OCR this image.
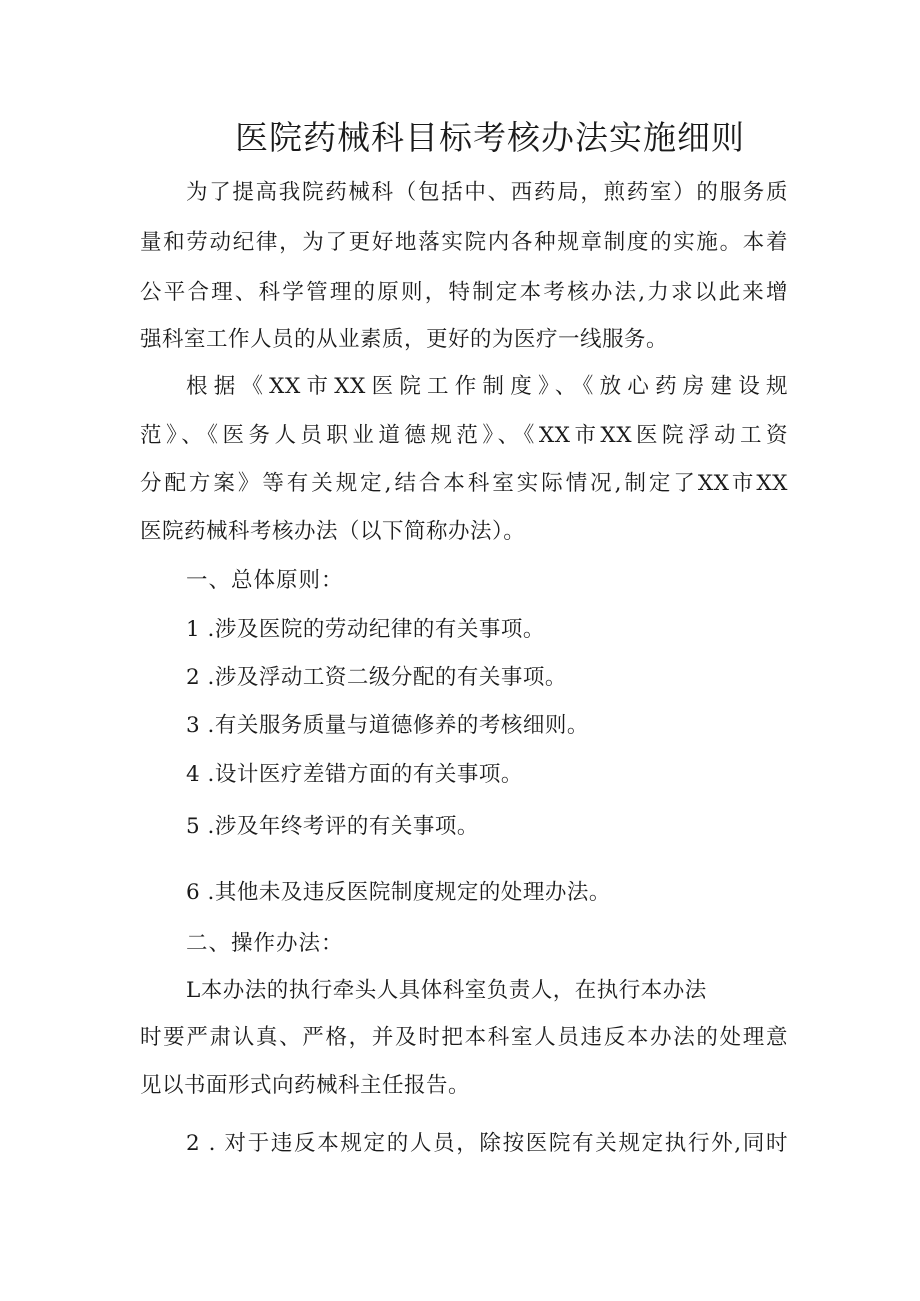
医院药械科目标考核办法实施细则
为了提高我院药械科（包括中、西药局，煎药室）的服务质
量和劳动纪律，为了更好地落实院内各种规章制度的实施。本着
公平合理、科学管理的原则，特制定本考核办法,力求以此来增
强科室工作人员的从业素质，更好的为医疗一线服务。
根据《XX市XX医院工作制度》、《放心药房建设规
范》、《医务人员职业道德规范》、《XX市XX医院浮动工资
分配方案》等有关规定,结合本科室实际情况,制定了XX市XX
医院药械科考核办法（以下简称办法）。
一、总体原则：
1 .涉及医院的劳动纪律的有关事项。
2 .涉及浮动工资二级分配的有关事项。
3 .有关服务质量与道德修养的考核细则。
4 .设计医疗差错方面的有关事项。
5 .涉及年终考评的有关事项。
6 .其他未及违反医院制度规定的处理办法。
二、操作办法：
L本办法的执行牵头人具体科室负责人，在执行本办法
时要严肃认真、严格，并及时把本科室人员违反本办法的处理意
见以书面形式向药械科主任报告。
2 . 对于违反本规定的人员，除按医院有关规定执行外,同时
